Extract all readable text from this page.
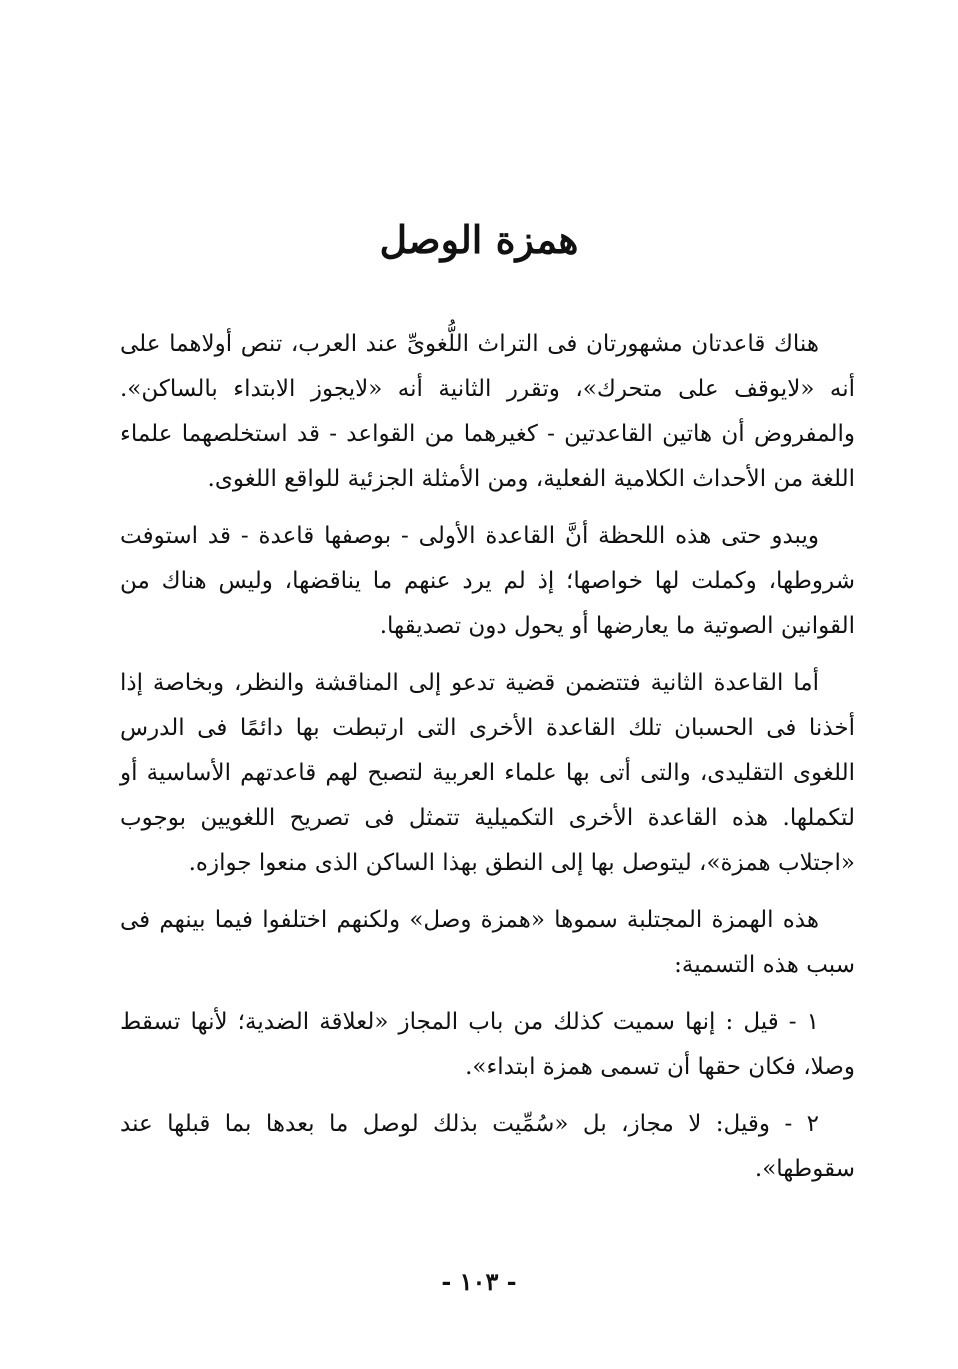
همزة الوصل

هناك قاعدتان مشهورتان فى التراث اللُّغوىِّ عند العرب، تنص أولاهما على أنه «لايوقف على متحرك»، وتقرر الثانية أنه «لايجوز الابتداء بالساكن». والمفروض أن هاتين القاعدتين - كغيرهما من القواعد - قد استخلصهما علماء اللغة من الأحداث الكلامية الفعلية، ومن الأمثلة الجزئية للواقع اللغوى.

ويبدو حتى هذه اللحظة أنَّ القاعدة الأولى - بوصفها قاعدة - قد استوفت شروطها، وكملت لها خواصها؛ إذ لم يرد عنهم ما يناقضها، وليس هناك من القوانين الصوتية ما يعارضها أو يحول دون تصديقها.

أما القاعدة الثانية فتتضمن قضية تدعو إلى المناقشة والنظر، وبخاصة إذا أخذنا فى الحسبان تلك القاعدة الأخرى التى ارتبطت بها دائمًا فى الدرس اللغوى التقليدى، والتى أتى بها علماء العربية لتصبح لهم قاعدتهم الأساسية أو لتكملها. هذه القاعدة الأخرى التكميلية تتمثل فى تصريح اللغويين بوجوب «اجتلاب همزة»، ليتوصل بها إلى النطق بهذا الساكن الذى منعوا جوازه.

هذه الهمزة المجتلبة سموها «همزة وصل» ولكنهم اختلفوا فيما بينهم فى سبب هذه التسمية:

١ - قيل : إنها سميت كذلك من باب المجاز «لعلاقة الضدية؛ لأنها تسقط وصلا، فكان حقها أن تسمى همزة ابتداء».

٢ - وقيل: لا مجاز، بل «سُمِّيت بذلك لوصل ما بعدها بما قبلها عند سقوطها».

- ١٠٣ -
